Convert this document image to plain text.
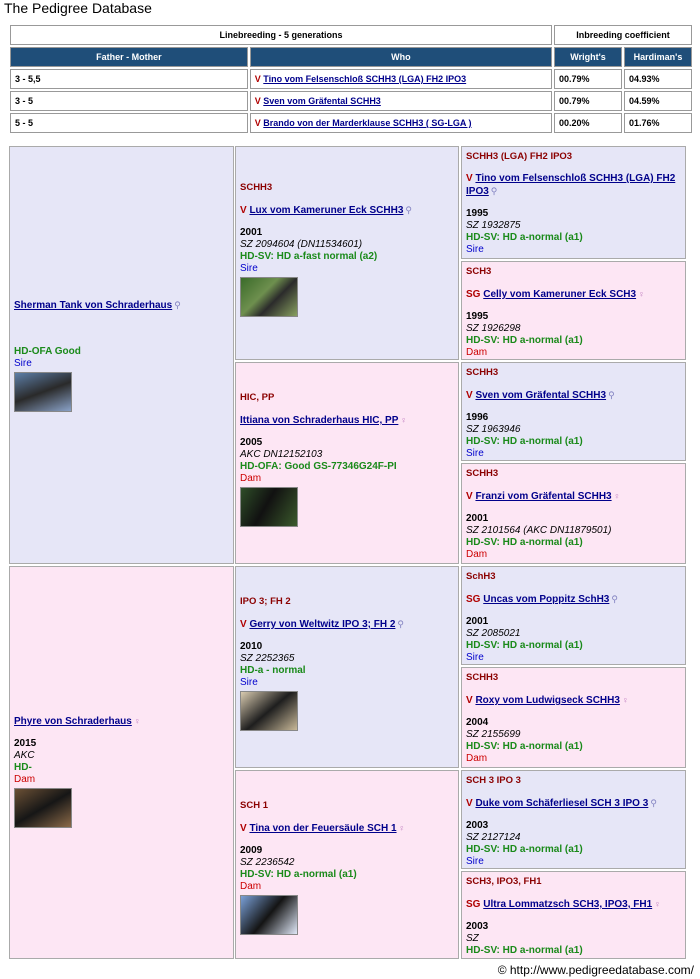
The Pedigree Database
Linebreeding - 5 generations		Inbreeding coefficient	
Father - Mother	Who	Wright's	Hardiman's
3 - 5,5	V Tino vom Felsenschloß SCHH3 (LGA) FH2 IPO3	00.79%	04.93%
3 - 5	V Sven vom Gräfental SCHH3	00.79%	04.59%
5 - 5	V Brando von der Marderklause SCHH3 ( SG-LGA )	00.20%	01.76%
Sherman Tank von Schraderhaus ⚲
HD-OFA Good
Sire
Phyre von Schraderhaus ♀
2015
AKC
HD-
Dam
SCHH3
V Lux vom Kameruner Eck SCHH3 ⚲
2001
SZ 2094604 (DN11534601)
HD-SV: HD a-fast normal (a2)
Sire
HIC, PP
Ittiana von Schraderhaus HIC, PP ♀
2005
AKC DN12152103
HD-OFA: Good GS-77346G24F-PI
Dam
IPO 3; FH 2
V Gerry von Weltwitz IPO 3; FH 2 ⚲
2010
SZ 2252365
HD-a - normal
Sire
SCH 1
V Tina von der Feuersäule SCH 1 ♀
2009
SZ 2236542
HD-SV: HD a-normal (a1)
Dam
SCHH3 (LGA) FH2 IPO3
V Tino vom Felsenschloß SCHH3 (LGA) FH2 IPO3 ⚲
1995
SZ 1932875
HD-SV: HD a-normal (a1)
Sire
SCH3
SG Celly vom Kameruner Eck SCH3 ♀
1995
SZ 1926298
HD-SV: HD a-normal (a1)
Dam
SCHH3
V Sven vom Gräfental SCHH3 ⚲
1996
SZ 1963946
HD-SV: HD a-normal (a1)
Sire
SCHH3
V Franzi vom Gräfental SCHH3 ♀
2001
SZ 2101564 (AKC DN11879501)
HD-SV: HD a-normal (a1)
Dam
SchH3
SG Uncas vom Poppitz SchH3 ⚲
2001
SZ 2085021
HD-SV: HD a-normal (a1)
Sire
SCHH3
V Roxy vom Ludwigseck SCHH3 ♀
2004
SZ 2155699
HD-SV: HD a-normal (a1)
Dam
SCH 3 IPO 3
V Duke vom Schäferliesel SCH 3 IPO 3 ⚲
2003
SZ 2127124
HD-SV: HD a-normal (a1)
Sire
SCH3, IPO3, FH1
SG Ultra Lommatzsch SCH3, IPO3, FH1 ♀
2003
SZ
HD-SV: HD a-normal (a1)
© http://www.pedigreedatabase.com/
